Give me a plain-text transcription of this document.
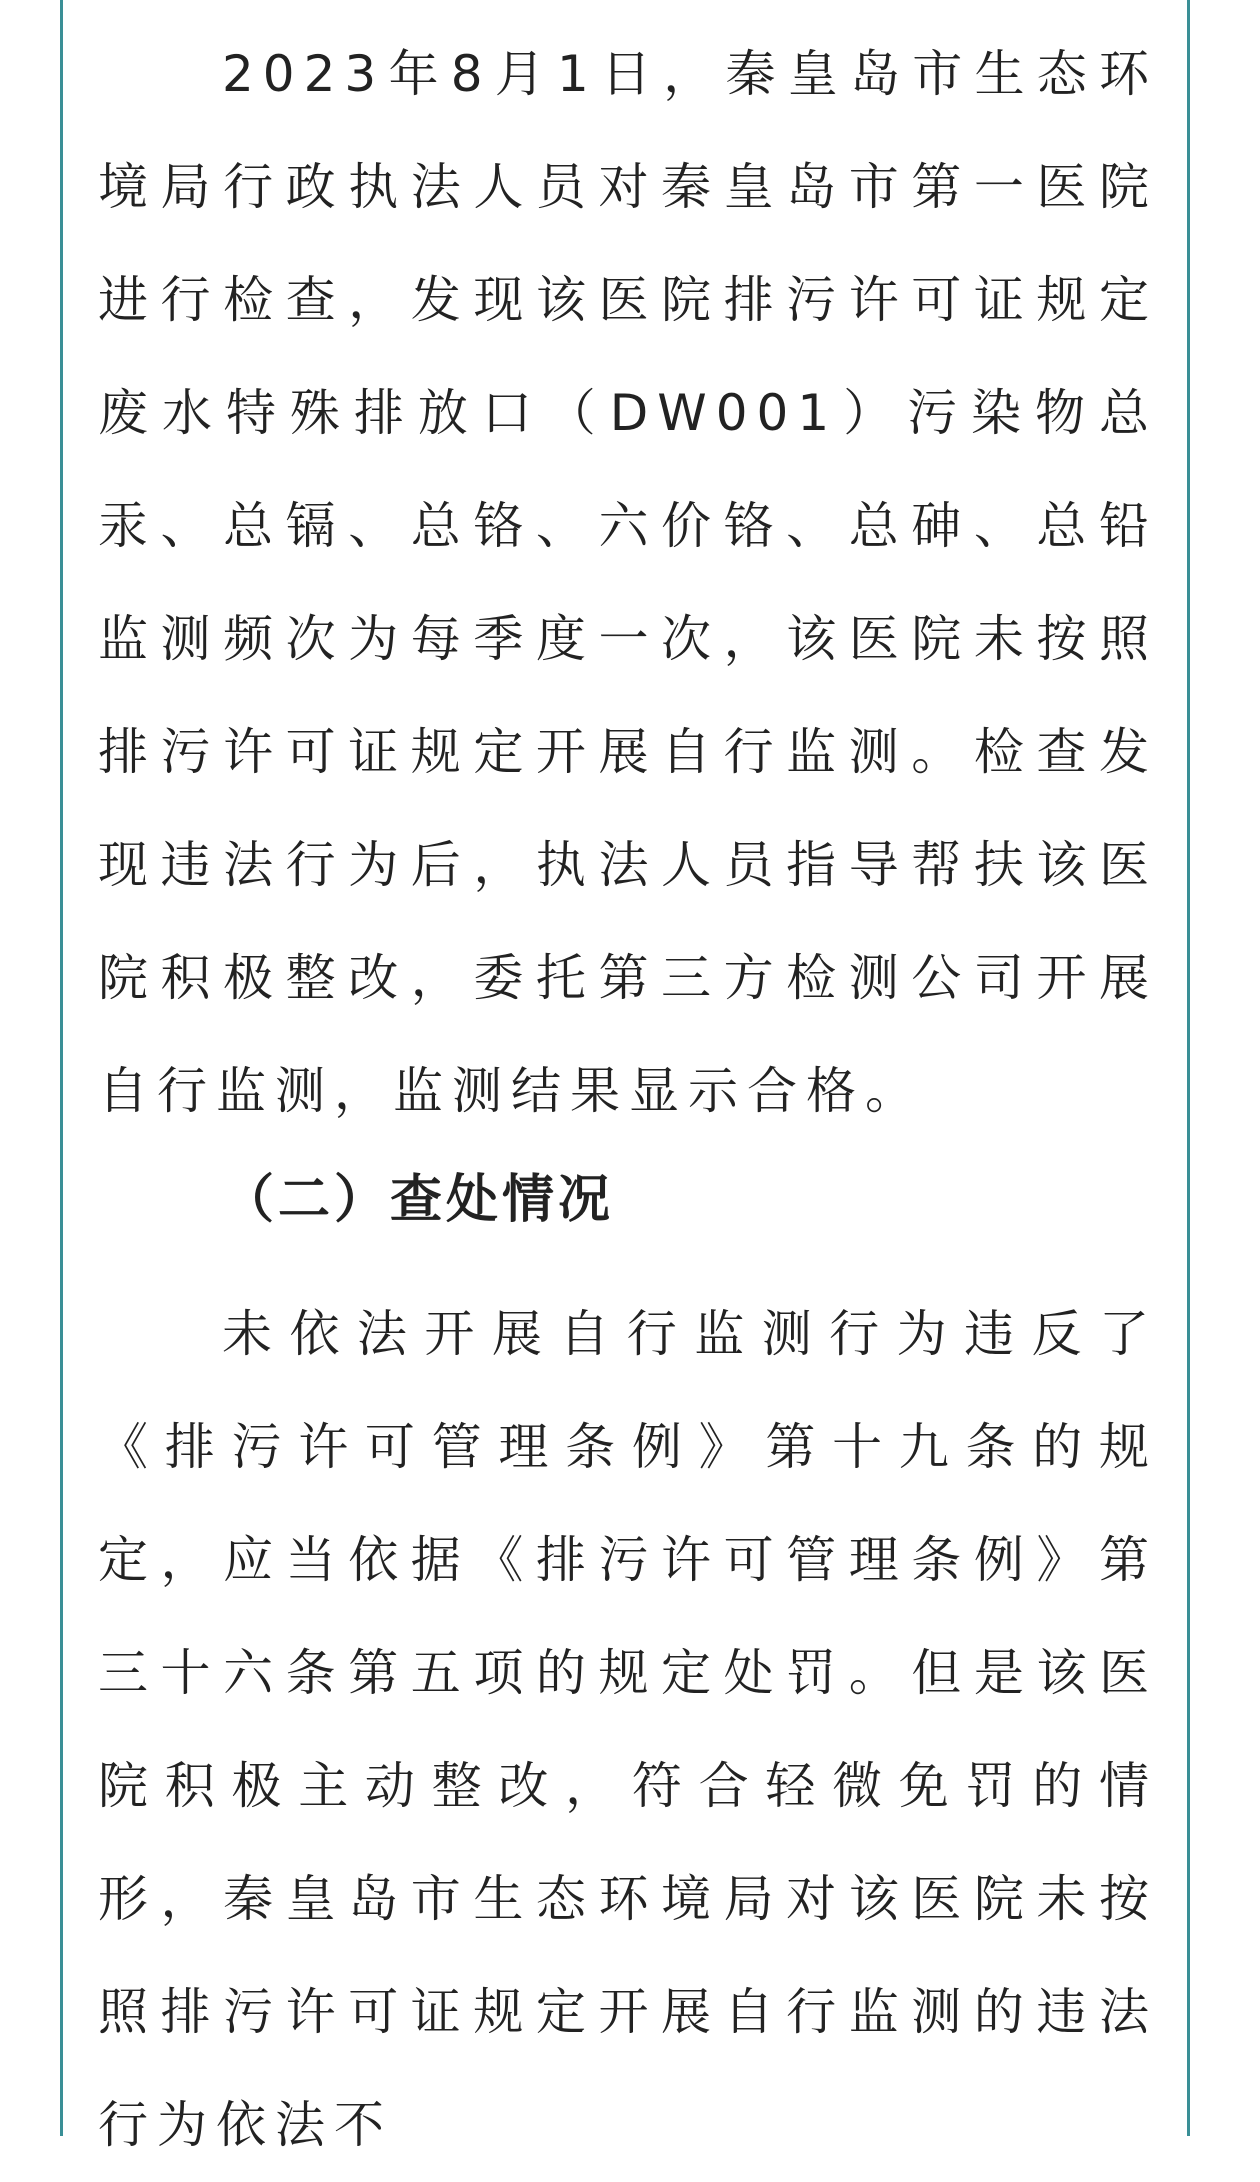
2023年8月1日，秦皇岛市生态环境局行政执法人员对秦皇岛市第一医院进行检查，发现该医院排污许可证规定废水特殊排放口（DW001）污染物总汞、总镉、总铬、六价铬、总砷、总铅监测频次为每季度一次，该医院未按照排污许可证规定开展自行监测。检查发现违法行为后，执法人员指导帮扶该医院积极整改，委托第三方检测公司开展自行监测，监测结果显示合格。

（二）查处情况

未依法开展自行监测行为违反了《排污许可管理条例》第十九条的规定，应当依据《排污许可管理条例》第三十六条第五项的规定处罚。但是该医院积极主动整改，符合轻微免罚的情形，秦皇岛市生态环境局对该医院未按照排污许可证规定开展自行监测的违法行为依法不
